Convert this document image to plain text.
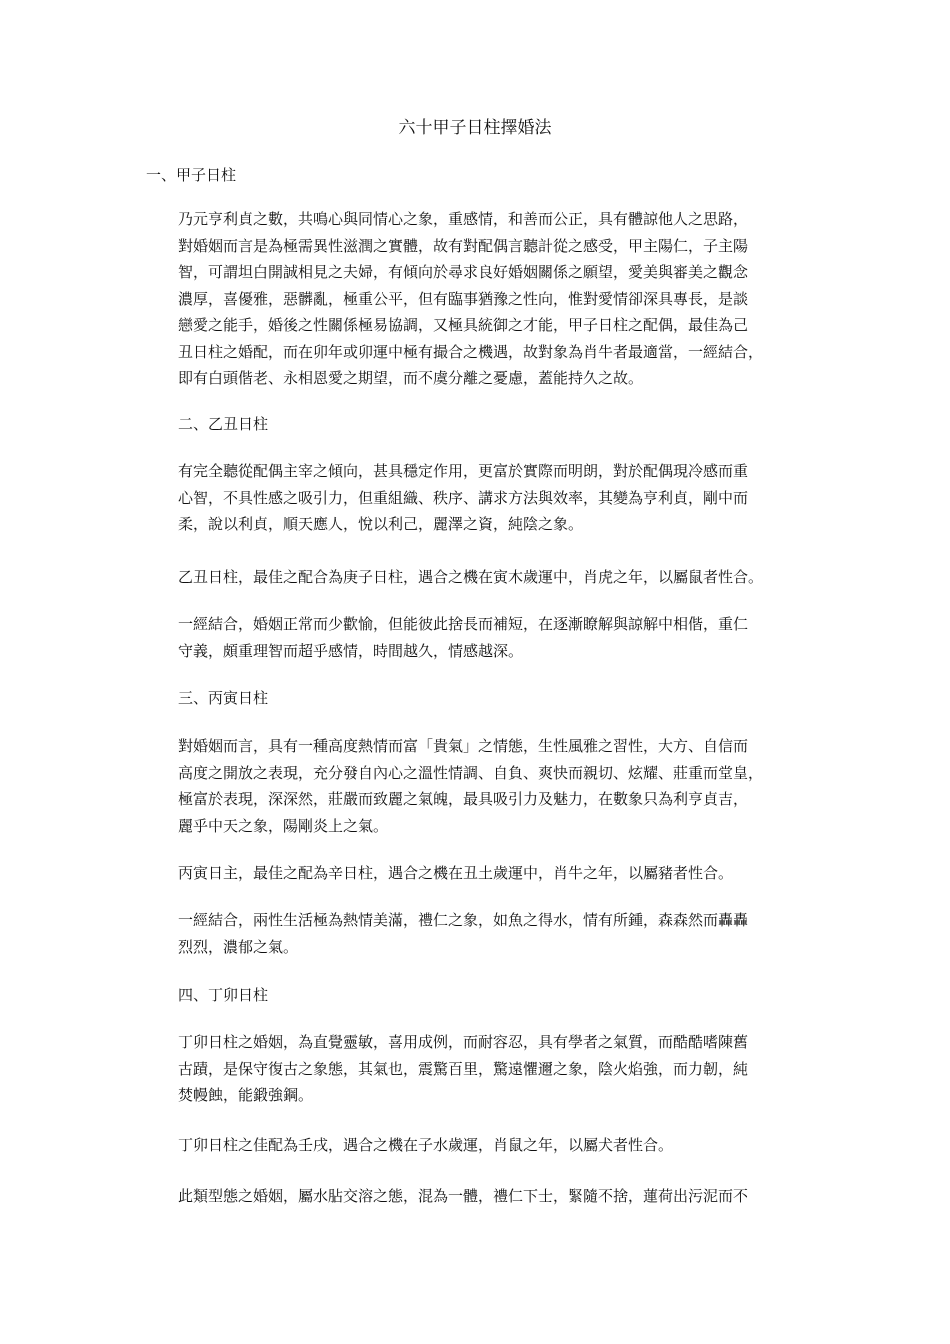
六十甲子日柱擇婚法
一、甲子日柱
乃元亨利貞之數，共鳴心與同情心之象，重感情，和善而公正，具有體諒他人之思路，
對婚姻而言是為極需異性滋潤之實體，故有對配偶言聽計從之感受，甲主陽仁，子主陽
智，可謂坦白開誠相見之夫婦，有傾向於尋求良好婚姻關係之願望，愛美與審美之觀念
濃厚，喜優雅，惡髒亂，極重公平，但有臨事猶豫之性向，惟對愛情卻深具專長，是談
戀愛之能手，婚後之性關係極易協調，又極具統御之才能，甲子日柱之配偶，最佳為己
丑日柱之婚配，而在卯年或卯運中極有撮合之機遇，故對象為肖牛者最適當，一經結合，
即有白頭偕老、永相恩愛之期望，而不虞分離之憂慮，蓋能持久之故。
二、乙丑日柱
有完全聽從配偶主宰之傾向，甚具穩定作用，更富於實際而明朗，對於配偶現冷感而重
心智，不具性感之吸引力，但重組織、秩序、講求方法與效率，其變為亨利貞，剛中而
柔，說以利貞，順天應人，悅以利己，麗澤之資，純陰之象。
乙丑日柱，最佳之配合為庚子日柱，遇合之機在寅木歲運中，肖虎之年，以屬鼠者性合。
一經結合，婚姻正常而少歡愉，但能彼此捨長而補短，在逐漸瞭解與諒解中相偕，重仁
守義，頗重理智而超乎感情，時間越久，情感越深。
三、丙寅日柱
對婚姻而言，具有一種高度熱情而富「貴氣」之情態，生性風雅之習性，大方、自信而
高度之開放之表現，充分發自內心之溫性情調、自負、爽快而親切、炫耀、莊重而堂皇，
極富於表現，深深然，莊嚴而致麗之氣魄，最具吸引力及魅力，在數象只為利亨貞吉，
麗乎中天之象，陽剛炎上之氣。
丙寅日主，最佳之配為辛日柱，遇合之機在丑土歲運中，肖牛之年，以屬豬者性合。
一經結合，兩性生活極為熱情美滿，禮仁之象，如魚之得水，情有所鍾，森森然而轟轟
烈烈，濃郁之氣。
四、丁卯日柱
丁卯日柱之婚姻，為直覺靈敏，喜用成例，而耐容忍，具有學者之氣質，而酷酷嗜陳舊
古蹟，是保守復古之象態，其氣也，震驚百里，驚遠懼邇之象，陰火焰強，而力韌，純
焚幔蝕，能鍛強鋼。
丁卯日柱之佳配為壬戌，遇合之機在子水歲運，肖鼠之年，以屬犬者性合。
此類型態之婚姻，屬水胋交溶之態，混為一體，禮仁下士，緊隨不捨，蓮荷出污泥而不
